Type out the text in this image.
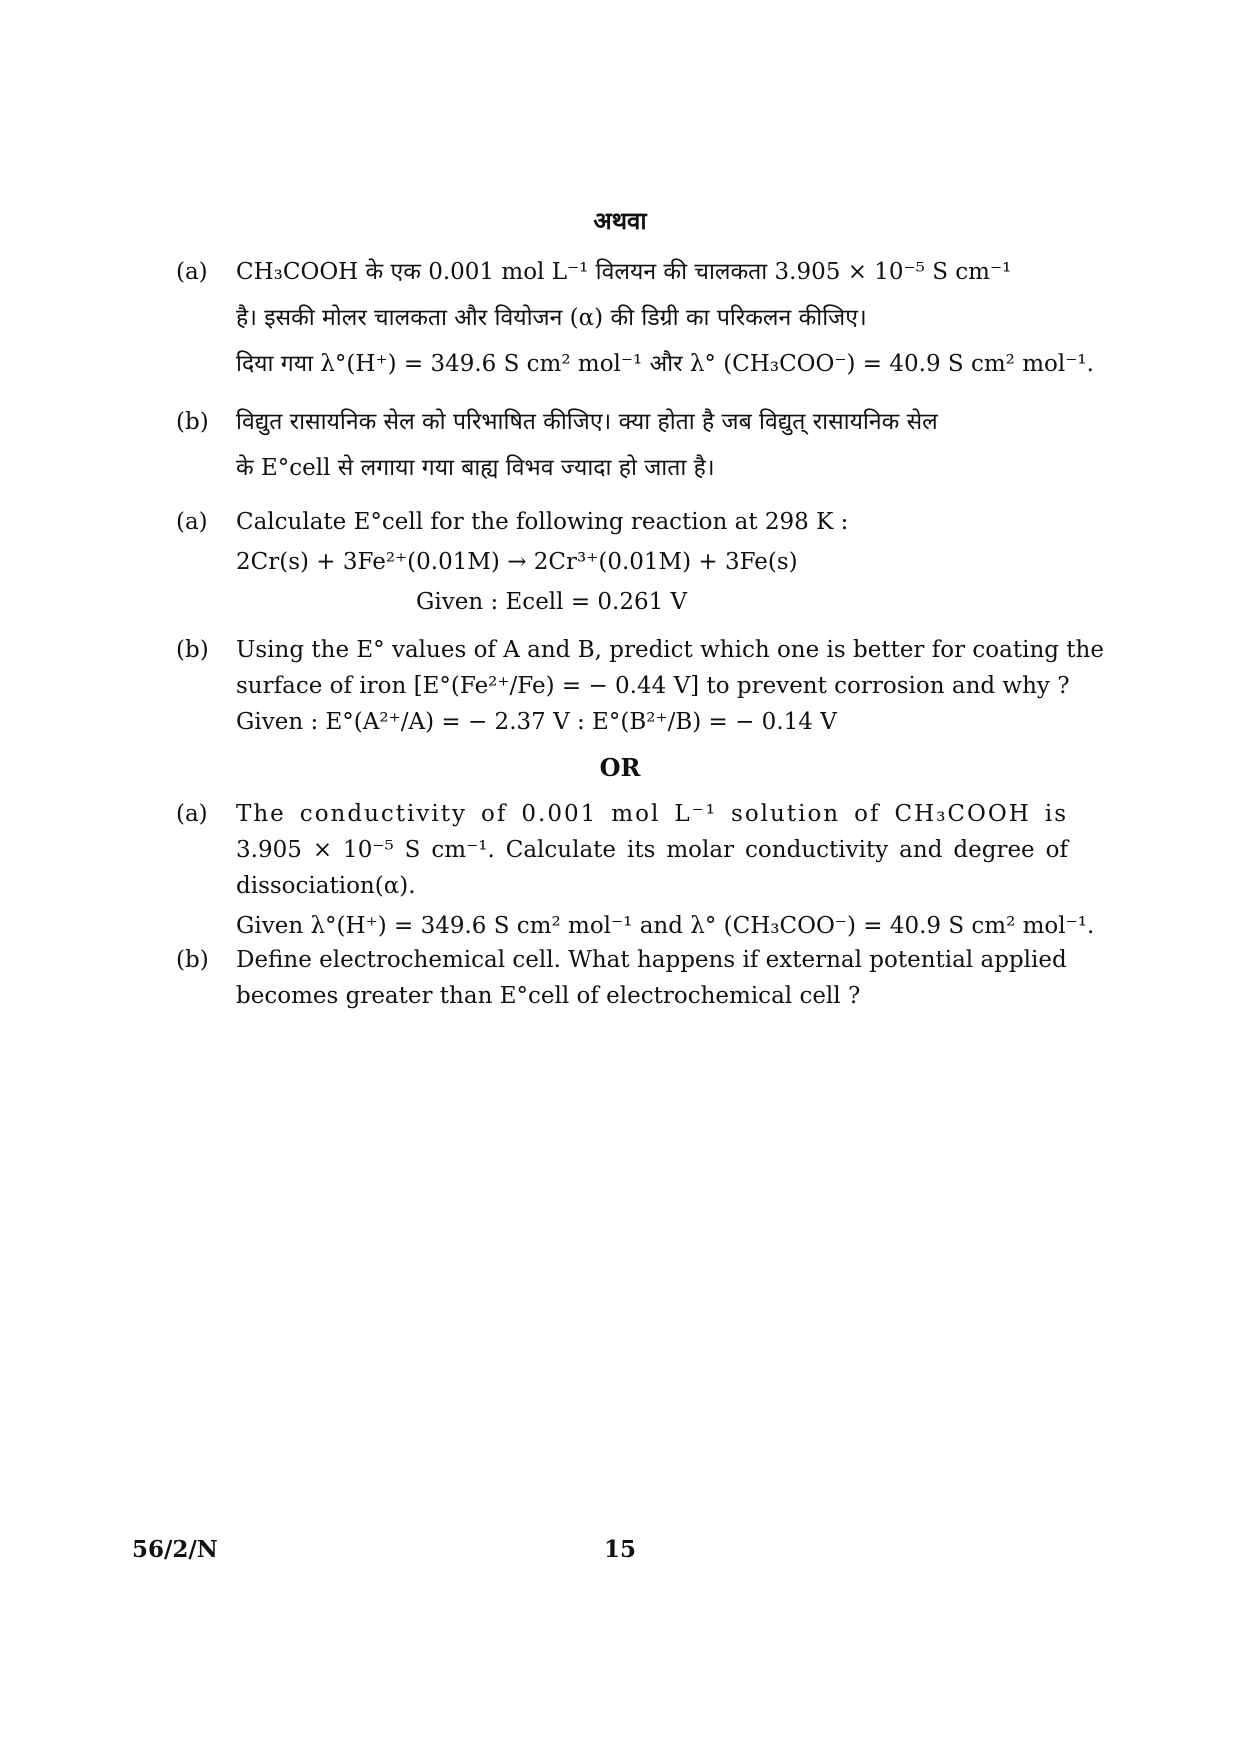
अथवा
(a)	CH₃COOH के एक 0.001 mol L⁻¹ विलयन की चालकता 3.905 × 10⁻⁵ S cm⁻¹
है। इसकी मोलर चालकता और वियोजन (α) की डिग्री का परिकलन कीजिए।
दिया गया λ°(H⁺) = 349.6 S cm² mol⁻¹ और λ° (CH₃COO⁻) = 40.9 S cm² mol⁻¹.
(b)	विद्युत रासायनिक सेल को परिभाषित कीजिए। क्या होता है जब विद्युत् रासायनिक सेल
के E°cell से लगाया गया बाह्य विभव ज्यादा हो जाता है।
(a)	Calculate E°cell for the following reaction at 298 K :
2Cr(s) + 3Fe²⁺(0.01M) → 2Cr³⁺(0.01M) + 3Fe(s)
Given : Ecell = 0.261 V
(b)	Using the E° values of A and B, predict which one is better for coating the
surface of iron [E°(Fe²⁺/Fe) = − 0.44 V] to prevent corrosion and why ?
Given : E°(A²⁺/A) = − 2.37 V : E°(B²⁺/B) = − 0.14 V
OR
(a)	The conductivity of 0.001 mol L⁻¹ solution of CH₃COOH is
3.905 × 10⁻⁵ S cm⁻¹. Calculate its molar conductivity and degree of
dissociation(α).
Given λ°(H⁺) = 349.6 S cm² mol⁻¹ and λ° (CH₃COO⁻) = 40.9 S cm² mol⁻¹.
(b)	Define electrochemical cell. What happens if external potential applied
becomes greater than E°cell of electrochemical cell ?
56/2/N	15
